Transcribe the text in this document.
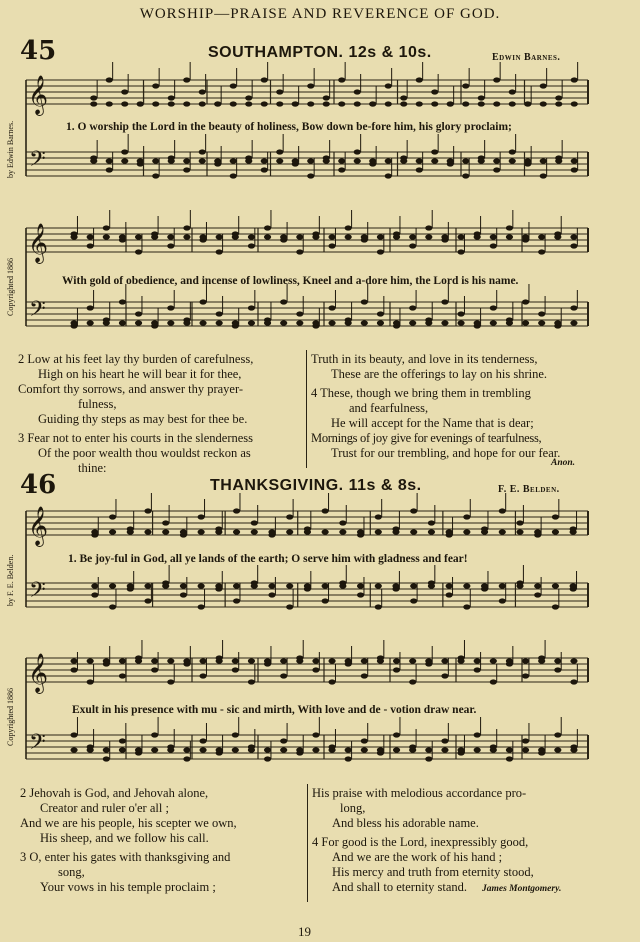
WORSHIP—PRAISE AND REVERENCE OF GOD.
45	SOUTHAMPTON. 12s & 10s.	Edwin Barnes.
by Edwin Barnes.
Copyrighted 1886
𝄞
𝄢
𝄞
𝄢
𝄞
𝄢
𝄞
𝄢
1. O worship the Lord in the beauty of holiness, Bow down be-fore him, his glory proclaim;
With gold of obedience, and incense of lowliness, Kneel and a-dore him, the Lord is his name.
2 Low at his feet lay thy burden of carefulness,
High on his heart he will bear it for thee,
Comfort thy sorrows, and answer thy prayer-
fulness,
Guiding thy steps as may best for thee be.
3 Fear not to enter his courts in the slenderness
Of the poor wealth thou wouldst reckon as
thine:
Truth in its beauty, and love in its tenderness,
These are the offerings to lay on his shrine.
4 These, though we bring them in trembling
and fearfulness,
He will accept for the Name that is dear;
Mornings of joy give for evenings of tearfulness,
Trust for our trembling, and hope for our fear.
Anon.
46	THANKSGIVING. 11s & 8s.	F. E. Belden.
by F. E. Belden.
Copyrighted 1886
1. Be joy-ful in God, all ye lands of the earth; O serve him with gladness and fear!
Exult in his presence with mu - sic and mirth, With love and de - votion draw near.
2 Jehovah is God, and Jehovah alone,
Creator and ruler o'er all ;
And we are his people, his scepter we own,
His sheep, and we follow his call.
3 O, enter his gates with thanksgiving and
song,
Your vows in his temple proclaim ;
His praise with melodious accordance pro-
long,
And bless his adorable name.
4 For good is the Lord, inexpressibly good,
And we are the work of his hand ;
His mercy and truth from eternity stood,
And shall to eternity stand.	James Montgomery.
19
